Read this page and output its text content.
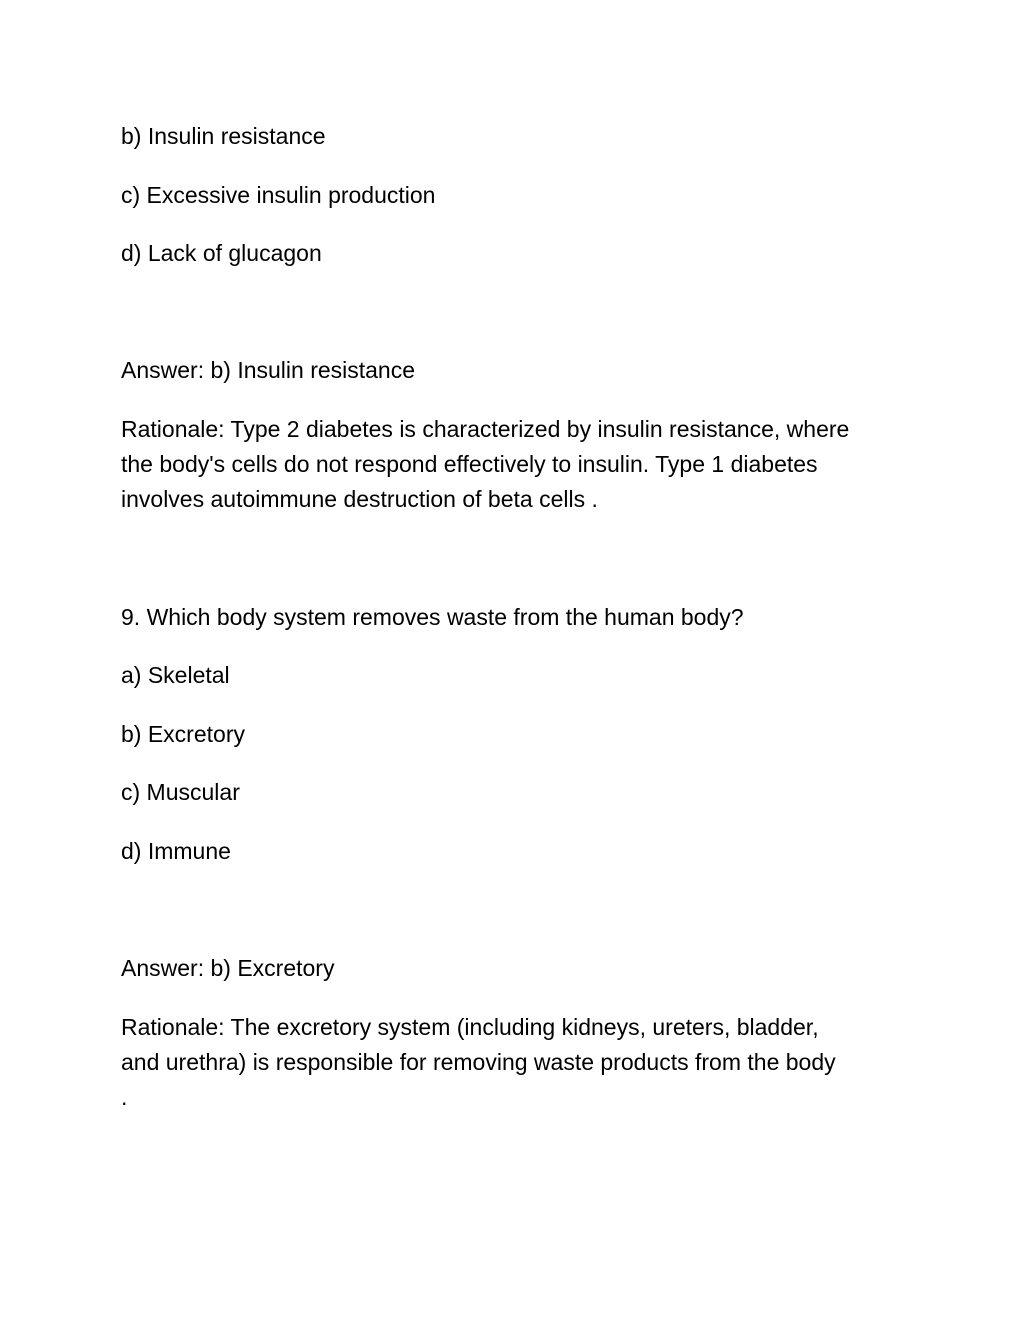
b) Insulin resistance
c) Excessive insulin production
d) Lack of glucagon
Answer: b) Insulin resistance
Rationale: Type 2 diabetes is characterized by insulin resistance, where
the body's cells do not respond effectively to insulin. Type 1 diabetes
involves autoimmune destruction of beta cells .
9. Which body system removes waste from the human body?
a) Skeletal
b) Excretory
c) Muscular
d) Immune
Answer: b) Excretory
Rationale: The excretory system (including kidneys, ureters, bladder,
and urethra) is responsible for removing waste products from the body
.
